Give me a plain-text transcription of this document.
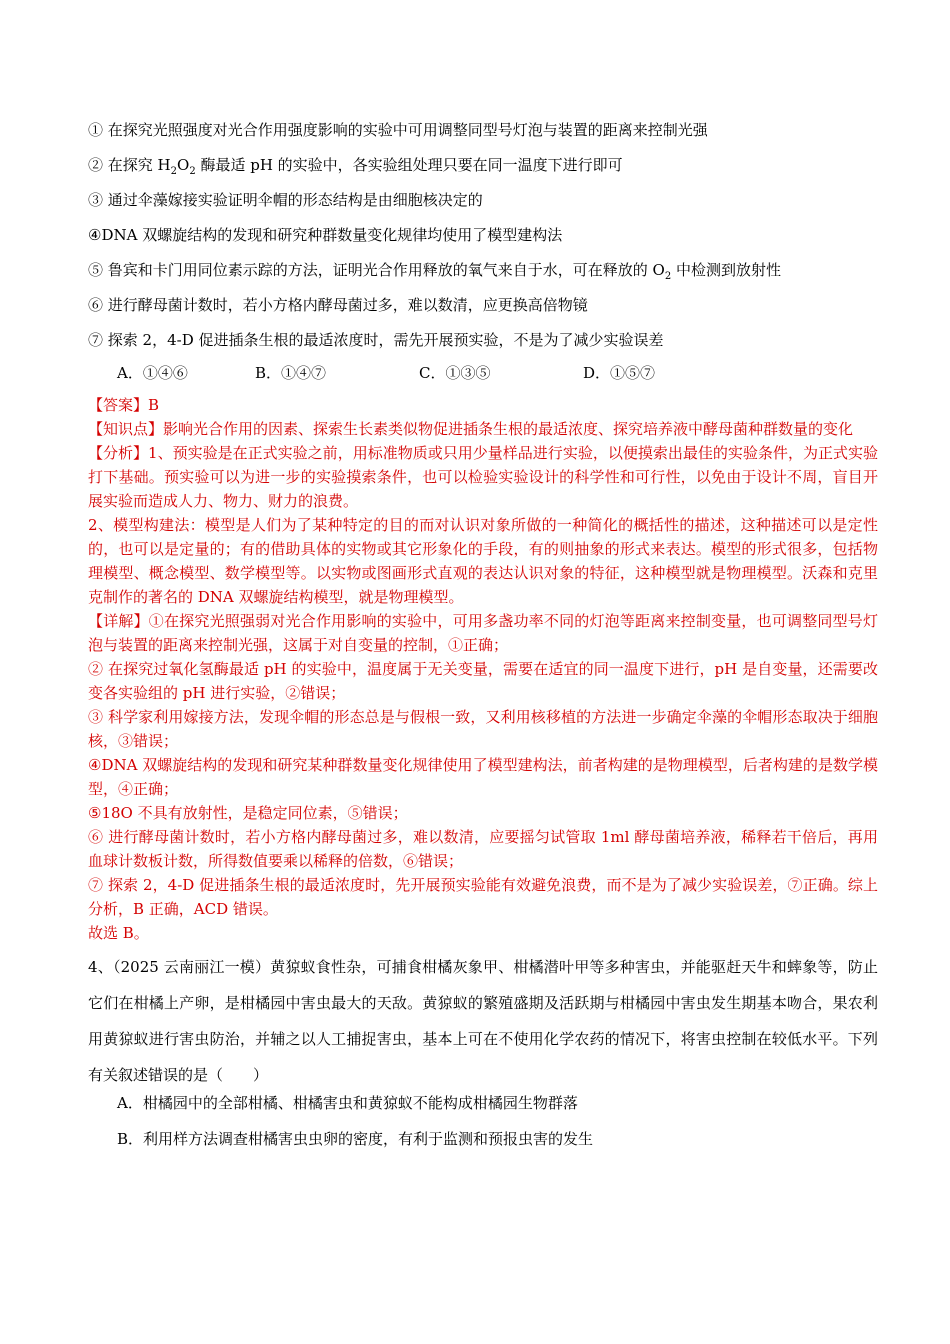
① 在探究光照强度对光合作用强度影响的实验中可用调整同型号灯泡与装置的距离来控制光强
② 在探究 $H_2O_2$ 酶最适 pH 的实验中，各实验组处理只要在同一温度下进行即可
③ 通过伞藻嫁接实验证明伞帽的形态结构是由细胞核决定的
④DNA 双螺旋结构的发现和研究种群数量变化规律均使用了模型建构法
⑤ 鲁宾和卡门用同位素示踪的方法，证明光合作用释放的氧气来自于水，可在释放的 $O_2$ 中检测到放射性
⑥ 进行酵母菌计数时，若小方格内酵母菌过多，难以数清，应更换高倍物镜
⑦ 探索 2，4-D 促进插条生根的最适浓度时，需先开展预实验，不是为了减少实验误差
A．①④⑥	B．①④⑦	C．①③⑤	D．①⑤⑦

【答案】B

【知识点】影响光合作用的因素、探索生长素类似物促进插条生根的最适浓度、探究培养液中酵母菌种群数量的变化

【分析】1、预实验是在正式实验之前，用标准物质或只用少量样品进行实验，以便摸索出最佳的实验条件，为正式实验打下基础。预实验可以为进一步的实验摸索条件，也可以检验实验设计的科学性和可行性，以免由于设计不周，盲目开展实验而造成人力、物力、财力的浪费。

2、模型构建法：模型是人们为了某种特定的目的而对认识对象所做的一种简化的概括性的描述，这种描述可以是定性的，也可以是定量的；有的借助具体的实物或其它形象化的手段，有的则抽象的形式来表达。模型的形式很多，包括物理模型、概念模型、数学模型等。以实物或图画形式直观的表达认识对象的特征，这种模型就是物理模型。沃森和克里克制作的著名的 DNA 双螺旋结构模型，就是物理模型。

【详解】①在探究光照强弱对光合作用影响的实验中，可用多盏功率不同的灯泡等距离来控制变量，也可调整同型号灯泡与装置的距离来控制光强，这属于对自变量的控制，①正确；

② 在探究过氧化氢酶最适 pH 的实验中，温度属于无关变量，需要在适宜的同一温度下进行，pH 是自变量，还需要改变各实验组的 pH 进行实验，②错误；

③ 科学家利用嫁接方法，发现伞帽的形态总是与假根一致，又利用核移植的方法进一步确定伞藻的伞帽形态取决于细胞核，③错误；

④DNA 双螺旋结构的发现和研究某种群数量变化规律使用了模型建构法，前者构建的是物理模型，后者构建的是数学模型，④正确；

⑤18O 不具有放射性，是稳定同位素，⑤错误；

⑥ 进行酵母菌计数时，若小方格内酵母菌过多，难以数清，应要摇匀试管取 1ml 酵母菌培养液，稀释若干倍后，再用血球计数板计数，所得数值要乘以稀释的倍数，⑥错误；

⑦ 探索 2，4-D 促进插条生根的最适浓度时，先开展预实验能有效避免浪费，而不是为了减少实验误差，⑦正确。综上分析，B 正确，ACD 错误。

故选 B。

4、（2025 云南丽江一模）黄猄蚁食性杂，可捕食柑橘灰象甲、柑橘潜叶甲等多种害虫，并能驱赶天牛和蟀象等，防止它们在柑橘上产卵，是柑橘园中害虫最大的天敌。黄猄蚁的繁殖盛期及活跃期与柑橘园中害虫发生期基本吻合，果农利用黄猄蚁进行害虫防治，并辅之以人工捕捉害虫，基本上可在不使用化学农药的情况下，将害虫控制在较低水平。下列有关叙述错误的是（　　）

A．柑橘园中的全部柑橘、柑橘害虫和黄猄蚁不能构成柑橘园生物群落
B．利用样方法调查柑橘害虫虫卵的密度，有利于监测和预报虫害的发生
